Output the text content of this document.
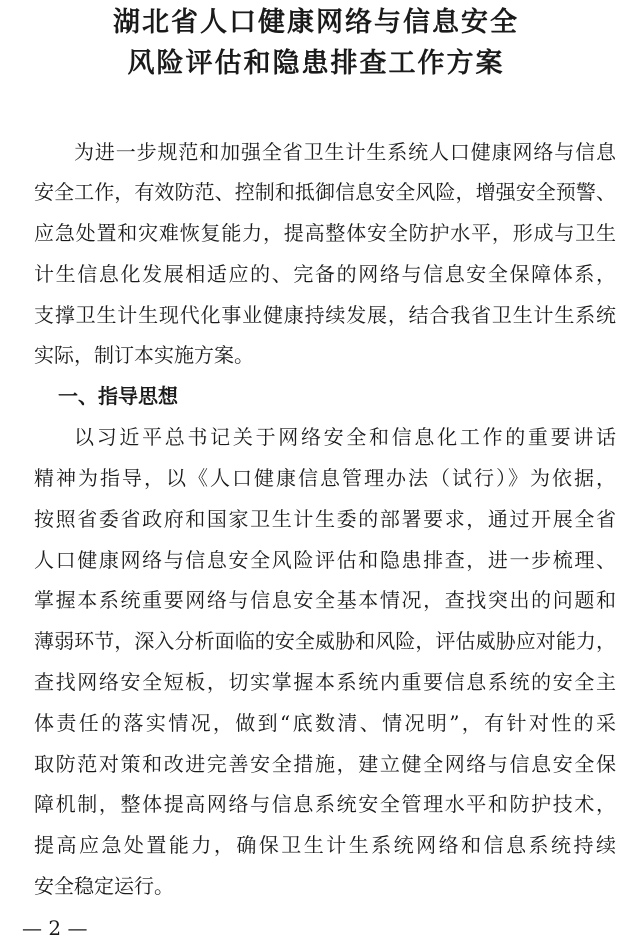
湖北省人口健康网络与信息安全
风险评估和隐患排查工作方案

为进一步规范和加强全省卫生计生系统人口健康网络与信息

安全工作，有效防范、控制和抵御信息安全风险，增强安全预警、

应急处置和灾难恢复能力，提高整体安全防护水平，形成与卫生

计生信息化发展相适应的、完备的网络与信息安全保障体系，

支撑卫生计生现代化事业健康持续发展，结合我省卫生计生系统

实际，制订本实施方案。

一、指导思想

以习近平总书记关于网络安全和信息化工作的重要讲话

精神为指导，以《人口健康信息管理办法（试行）》为依据，

按照省委省政府和国家卫生计生委的部署要求，通过开展全省

人口健康网络与信息安全风险评估和隐患排查，进一步梳理、

掌握本系统重要网络与信息安全基本情况，查找突出的问题和

薄弱环节，深入分析面临的安全威胁和风险，评估威胁应对能力，

查找网络安全短板，切实掌握本系统内重要信息系统的安全主

体责任的落实情况，做到“底数清、情况明”，有针对性的采

取防范对策和改进完善安全措施，建立健全网络与信息安全保

障机制，整体提高网络与信息系统安全管理水平和防护技术，

提高应急处置能力，确保卫生计生系统网络和信息系统持续

安全稳定运行。

— 2 —
